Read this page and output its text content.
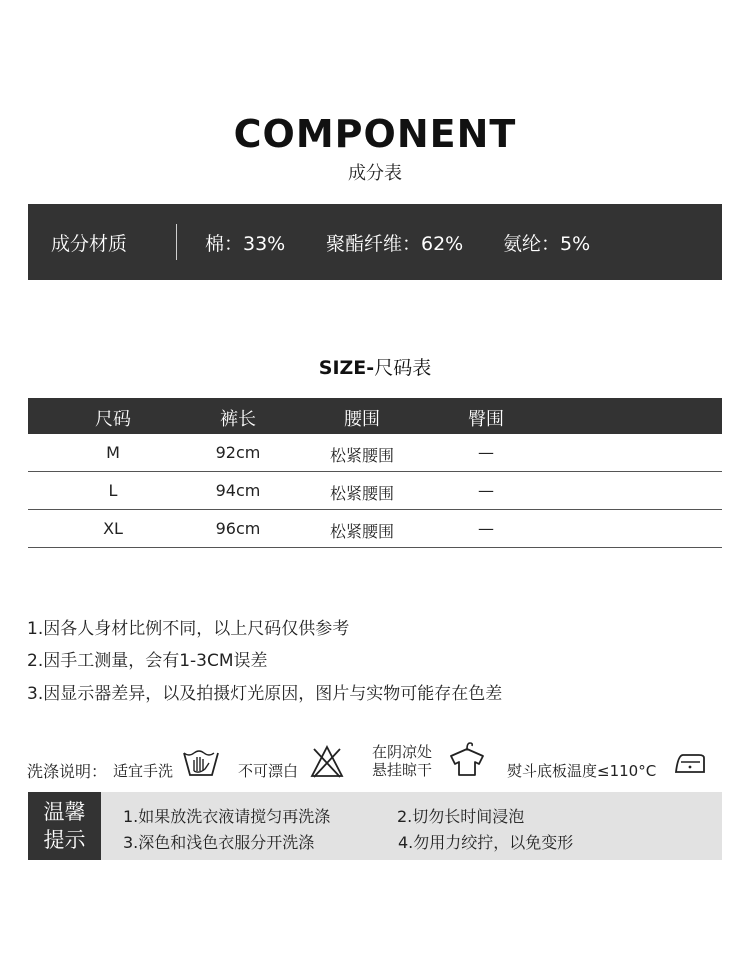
COMPONENT
成分表
成分材质	棉：33% 聚酯纤维：62% 氨纶：5%
SIZE-尺码表
尺码	裤长	腰围	臀围
M	92cm	松紧腰围	—
L	94cm	松紧腰围	—
XL	96cm	松紧腰围	—
1.因各人身材比例不同，以上尺码仅供参考
2.因手工测量，会有1-3CM误差
3.因显示器差异，以及拍摄灯光原因，图片与实物可能存在色差
洗涤说明： 适宜手洗	不可漂白
在阴凉处
悬挂晾干	熨斗底板温度≤110°C
温馨
提示
1.如果放洗衣液请搅匀再洗涤	2.切勿长时间浸泡
3.深色和浅色衣服分开洗涤	4.勿用力绞拧，以免变形
